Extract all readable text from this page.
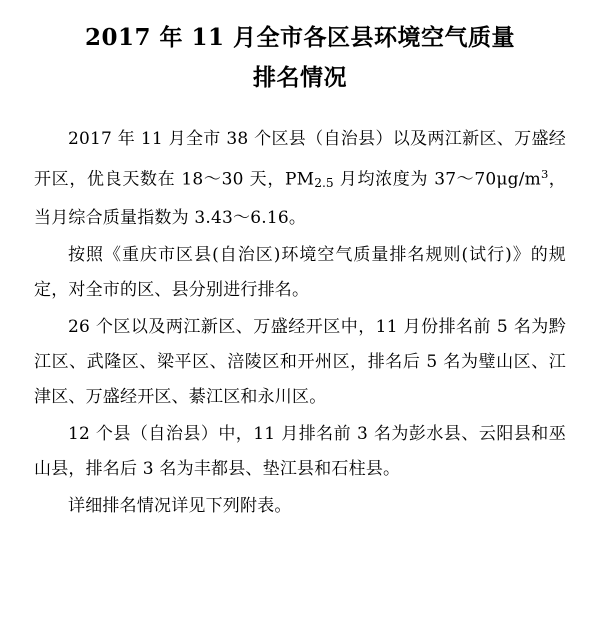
2017 年 11 月全市各区县环境空气质量
排名情况

2017 年 11 月全市 38 个区县（自治县）以及两江新区、万盛经开区，优良天数在 18～30 天，$PM_{2.5}$ 月均浓度为 $37\sim 70\mu g/m^3$，当月综合质量指数为 3.43～6.16。

按照《重庆市区县(自治区)环境空气质量排名规则(试行)》的规定，对全市的区、县分别进行排名。

26 个区以及两江新区、万盛经开区中，11 月份排名前 5 名为黔江区、武隆区、梁平区、涪陵区和开州区，排名后 5 名为璧山区、江津区、万盛经开区、綦江区和永川区。

12 个县（自治县）中，11 月排名前 3 名为彭水县、云阳县和巫山县，排名后 3 名为丰都县、垫江县和石柱县。

详细排名情况详见下列附表。
